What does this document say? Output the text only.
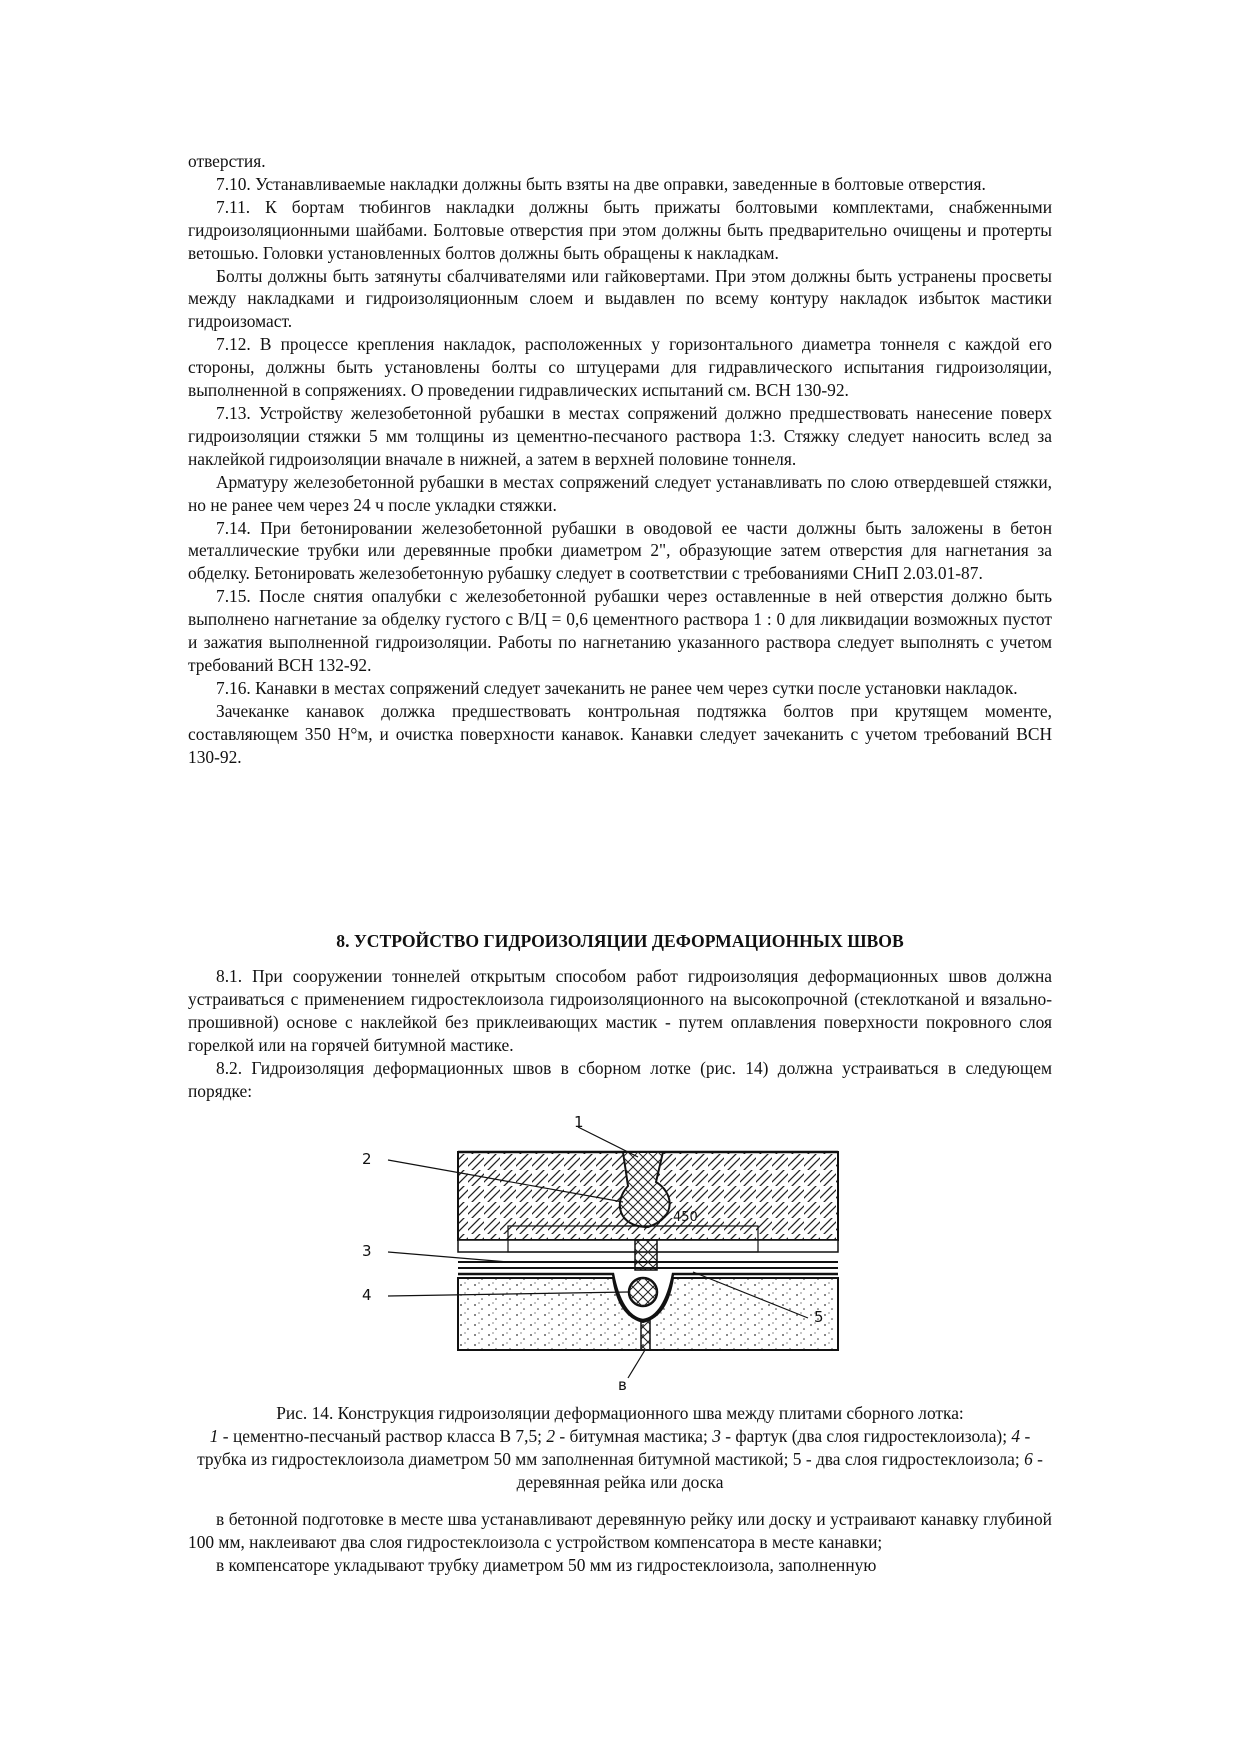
отверстия.

7.10. Устанавливаемые накладки должны быть взяты на две оправки, заведенные в болтовые отверстия.

7.11. К бортам тюбингов накладки должны быть прижаты болтовыми комплектами, снабженными гидроизоляционными шайбами. Болтовые отверстия при этом должны быть предварительно очищены и протерты ветошью. Головки установленных болтов должны быть обращены к накладкам.

Болты должны быть затянуты сбалчивателями или гайковертами. При этом должны быть устранены просветы между накладками и гидроизоляционным слоем и выдавлен по всему контуру накладок избыток мастики гидроизомаст.

7.12. В процессе крепления накладок, расположенных у горизонтального диаметра тоннеля с каждой его стороны, должны быть установлены болты со штуцерами для гидравлического испытания гидроизоляции, выполненной в сопряжениях. О проведении гидравлических испытаний см. ВСН 130-92.

7.13. Устройству железобетонной рубашки в местах сопряжений должно предшествовать нанесение поверх гидроизоляции стяжки 5 мм толщины из цементно-песчаного раствора 1:3. Стяжку следует наносить вслед за наклейкой гидроизоляции вначале в нижней, а затем в верхней половине тоннеля.

Арматуру железобетонной рубашки в местах сопряжений следует устанавливать по слою отвердевшей стяжки, но не ранее чем через 24 ч после укладки стяжки.

7.14. При бетонировании железобетонной рубашки в оводовой ее части должны быть заложены в бетон металлические трубки или деревянные пробки диаметром 2", образующие затем отверстия для нагнетания за обделку. Бетонировать железобетонную рубашку следует в соответствии с требованиями СНиП 2.03.01-87.

7.15. После снятия опалубки с железобетонной рубашки через оставленные в ней отверстия должно быть выполнено нагнетание за обделку густого с В/Ц = 0,6 цементного раствора 1 : 0 для ликвидации возможных пустот и зажатия выполненной гидроизоляции. Работы по нагнетанию указанного раствора следует выполнять с учетом требований ВСН 132-92.

7.16. Канавки в местах сопряжений следует зачеканить не ранее чем через сутки после установки накладок.

Зачеканке канавок должка предшествовать контрольная подтяжка болтов при крутящем моменте, составляющем 350 Н°м, и очистка поверхности канавок. Канавки следует зачеканить с учетом требований ВСН 130-92.

8. УСТРОЙСТВО ГИДРОИЗОЛЯЦИИ ДЕФОРМАЦИОННЫХ ШВОВ

8.1. При сооружении тоннелей открытым способом работ гидроизоляция деформационных швов должна устраиваться с применением гидростеклоизола гидроизоляционного на высокопрочной (стеклотканой и вязально-прошивной) основе с наклейкой без приклеивающих мастик - путем оплавления поверхности покровного слоя горелкой или на горячей битумной мастике.

8.2. Гидроизоляция деформационных швов в сборном лотке (рис. 14) должна устраиваться в следующем порядке:

450
1
2
3
4
5
в
Рис. 14. Конструкция гидроизоляции деформационного шва между плитами сборного лотка:
1 - цементно-песчаный раствор класса В 7,5; 2 - битумная мастика; 3 - фартук (два слоя гидростеклоизола); 4 - трубка из гидростеклоизола диаметром 50 мм заполненная битумной мастикой; 5 - два слоя гидростеклоизола; 6 - деревянная рейка или доска

в бетонной подготовке в месте шва устанавливают деревянную рейку или доску и устраивают канавку глубиной 100 мм, наклеивают два слоя гидростеклоизола с устройством компенсатора в месте канавки;

в компенсаторе укладывают трубку диаметром 50 мм из гидростеклоизола, заполненную
